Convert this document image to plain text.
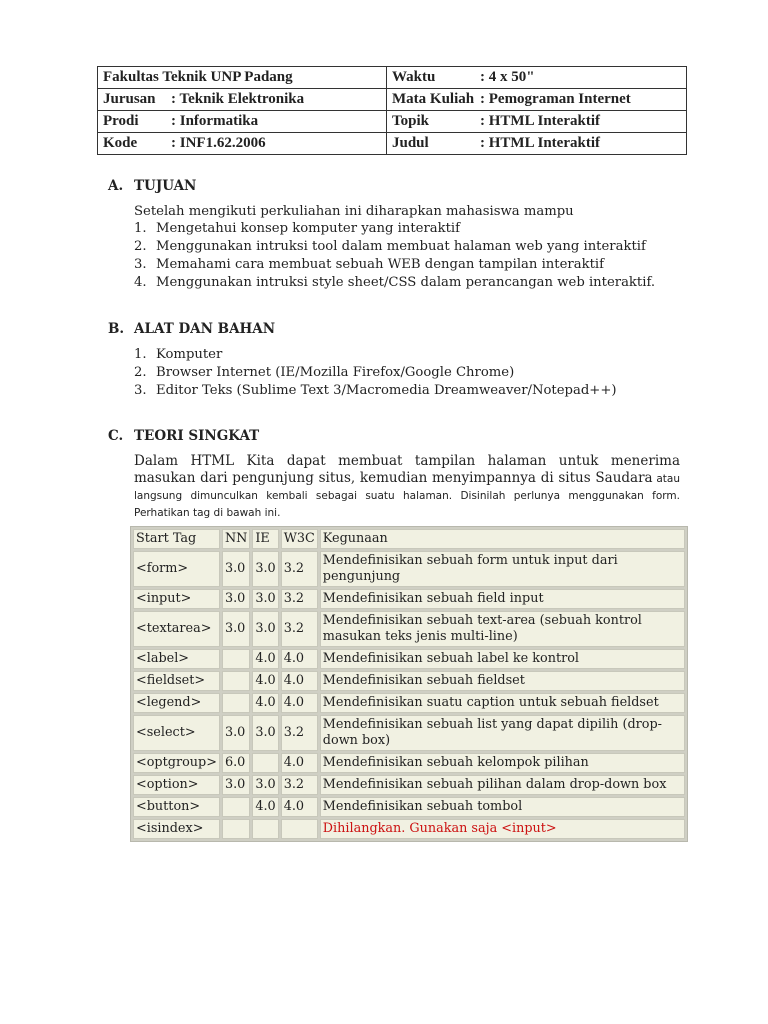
Fakultas Teknik UNP Padang	Waktu : 4 x 50"
Jurusan : Teknik Elektronika	Mata Kuliah : Pemograman Internet
Prodi : Informatika	Topik : HTML Interaktif
Kode : INF1.62.2006	Judul : HTML Interaktif
A. TUJUAN
Setelah mengikuti perkuliahan ini diharapkan mahasiswa mampu
1. Mengetahui konsep komputer yang interaktif
2. Menggunakan intruksi tool dalam membuat halaman web yang interaktif
3. Memahami cara membuat sebuah WEB dengan tampilan interaktif
4. Menggunakan intruksi style sheet/CSS dalam perancangan web interaktif.
B. ALAT DAN BAHAN
1. Komputer
2. Browser Internet (IE/Mozilla Firefox/Google Chrome)
3. Editor Teks (Sublime Text 3/Macromedia Dreamweaver/Notepad++)
C. TEORI SINGKAT
Dalam HTML Kita dapat membuat tampilan halaman untuk menerima masukan dari pengunjung situs, kemudian menyimpannya di situs Saudara atau langsung dimunculkan kembali sebagai suatu halaman. Disinilah perlunya menggunakan form. Perhatikan tag di bawah ini.
Start Tag	NN	IE	W3C	Kegunaan
<form>	3.0	3.0	3.2	Mendefinisikan sebuah form untuk input dari pengunjung
<input>	3.0	3.0	3.2	Mendefinisikan sebuah field input
<textarea>	3.0	3.0	3.2	Mendefinisikan sebuah text-area (sebuah kontrol masukan teks jenis multi-line)
<label>		4.0	4.0	Mendefinisikan sebuah label ke kontrol
<fieldset>		4.0	4.0	Mendefinisikan sebuah fieldset
<legend>		4.0	4.0	Mendefinisikan suatu caption untuk sebuah fieldset
<select>	3.0	3.0	3.2	Mendefinisikan sebuah list yang dapat dipilih (drop-down box)
<optgroup>	6.0		4.0	Mendefinisikan sebuah kelompok pilihan
<option>	3.0	3.0	3.2	Mendefinisikan sebuah pilihan dalam drop-down box
<button>		4.0	4.0	Mendefinisikan sebuah tombol
<isindex>				Dihilangkan. Gunakan saja <input>
